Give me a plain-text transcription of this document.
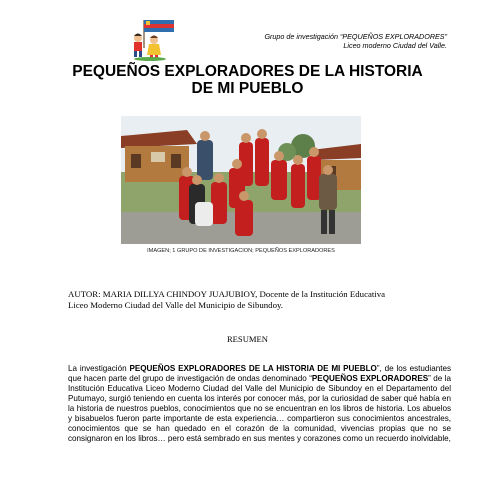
Grupo de investigación “PEQUEÑOS EXPLORADORES”
Liceo moderno Ciudad del Valle.
PEQUEÑOS EXPLORADORES DE LA HISTORIA
DE MI PUEBLO
IMAGEN; 1 GRUPO DE INVESTIGACION; PEQUEÑOS EXPLORADORES
AUTOR: MARIA DILLYA CHINDOY JUAJUBIOY, Docente de la Institución Educativa
Liceo Moderno Ciudad del Valle del Municipio de Sibundoy.
RESUMEN
La investigación PEQUEÑOS EXPLORADORES DE LA HISTORIA DE MI PUEBLO”, de los estudiantes que hacen parte del grupo de investigación de ondas denominado “PEQUEÑOS EXPLORADORES” de la Institución Educativa Liceo Moderno Ciudad del Valle del Municipio de Sibundoy en el Departamento del Putumayo, surgió teniendo en cuenta los interés por conocer más, por la curiosidad de saber qué había en la historia de nuestros pueblos, conocimientos que no se encuentran en los libros de historia. Los abuelos y bisabuelos fueron parte importante de esta experiencia… compartieron sus conocimientos ancestrales, conocimientos que se han quedado en el corazón de la comunidad, vivencias propias que no se consignaron en los libros… pero está sembrado en sus mentes y corazones como un recuerdo inolvidable,
